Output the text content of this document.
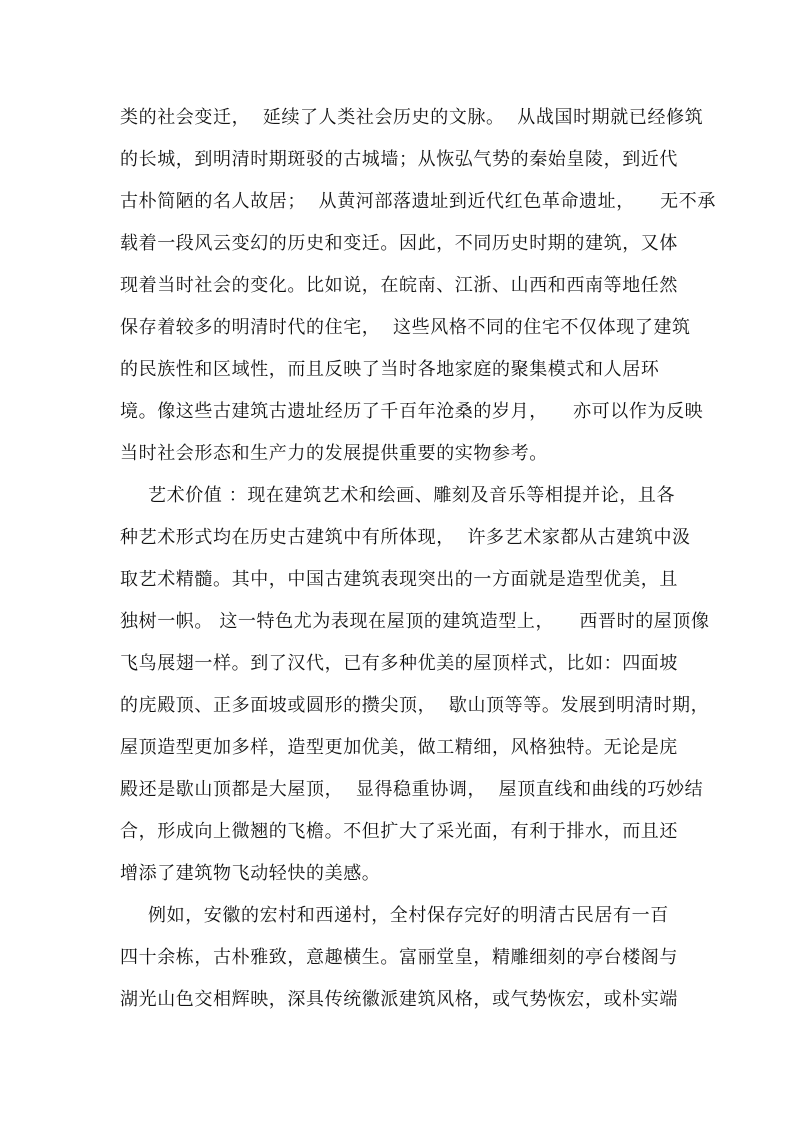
类的社会变迁，  延续了人类社会历史的文脉。  从战国时期就已经修筑
的长城，到明清时期斑驳的古城墙；从恢弘气势的秦始皇陵，到近代
古朴简陋的名人故居；  从黄河部落遗址到近代红色革命遗址，    无不承
载着一段风云变幻的历史和变迁。因此，不同历史时期的建筑，又体
现着当时社会的变化。比如说，在皖南、江浙、山西和西南等地任然
保存着较多的明清时代的住宅，  这些风格不同的住宅不仅体现了建筑
的民族性和区域性，而且反映了当时各地家庭的聚集模式和人居环
境。像这些古建筑古遗址经历了千百年沧桑的岁月，    亦可以作为反映
当时社会形态和生产力的发展提供重要的实物参考。
艺术价值 ：现在建筑艺术和绘画、雕刻及音乐等相提并论，且各
种艺术形式均在历史古建筑中有所体现，  许多艺术家都从古建筑中汲
取艺术精髓。其中，中国古建筑表现突出的一方面就是造型优美，且
独树一帜。 这一特色尤为表现在屋顶的建筑造型上，    西晋时的屋顶像
飞鸟展翅一样。到了汉代，已有多种优美的屋顶样式，比如：四面坡
的庑殿顶、正多面坡或圆形的攒尖顶，  歇山顶等等。发展到明清时期，
屋顶造型更加多样，造型更加优美，做工精细，风格独特。无论是庑
殿还是歇山顶都是大屋顶，  显得稳重协调，  屋顶直线和曲线的巧妙结
合，形成向上微翘的飞檐。不但扩大了采光面，有利于排水，而且还
增添了建筑物飞动轻快的美感。
例如，安徽的宏村和西递村，全村保存完好的明清古民居有一百
四十余栋，古朴雅致，意趣横生。富丽堂皇，精雕细刻的亭台楼阁与
湖光山色交相辉映，深具传统徽派建筑风格，或气势恢宏，或朴实端
